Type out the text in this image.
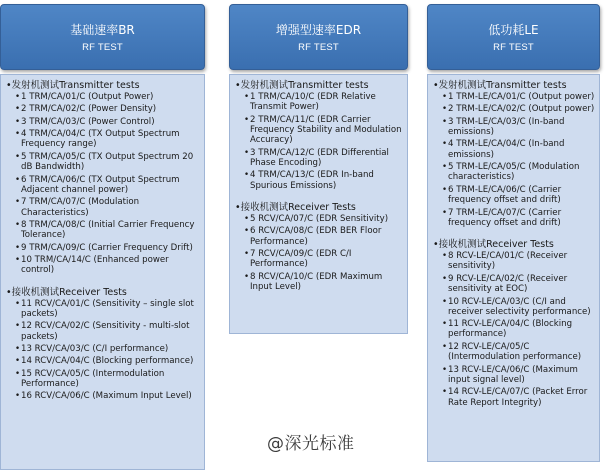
基础速率BR
RF TEST
•发射机测试Transmitter tests
• 1 TRM/CA/01/C (Output Power)
• 2 TRM/CA/02/C (Power Density)
• 3 TRM/CA/03/C (Power Control)
• 4 TRM/CA/04/C (TX Output Spectrum Frequency range)
• 5 TRM/CA/05/C (TX Output Spectrum 20 dB Bandwidth)
• 6 TRM/CA/06/C (TX Output Spectrum Adjacent channel power)
• 7 TRM/CA/07/C (Modulation Characteristics)
• 8 TRM/CA/08/C (Initial Carrier Frequency Tolerance)
• 9 TRM/CA/09/C (Carrier Frequency Drift)
• 10 TRM/CA/14/C (Enhanced power control)
•接收机测试Receiver Tests
• 11 RCV/CA/01/C (Sensitivity – single slot packets)
• 12 RCV/CA/02/C (Sensitivity - multi-slot packets)
• 13 RCV/CA/03/C (C/I performance)
• 14 RCV/CA/04/C (Blocking performance)
• 15 RCV/CA/05/C (Intermodulation Performance)
• 16 RCV/CA/06/C (Maximum Input Level)
增强型速率EDR
RF TEST
•发射机测试Transmitter tests
• 1 TRM/CA/10/C (EDR Relative Transmit Power)
• 2 TRM/CA/11/C (EDR Carrier Frequency Stability and Modulation Accuracy)
• 3 TRM/CA/12/C (EDR Differential Phase Encoding)
• 4 TRM/CA/13/C (EDR In-band Spurious Emissions)
•接收机测试Receiver Tests
• 5 RCV/CA/07/C (EDR Sensitivity)
• 6 RCV/CA/08/C (EDR BER Floor Performance)
• 7 RCV/CA/09/C (EDR C/I Performance)
• 8 RCV/CA/10/C (EDR Maximum Input Level)
低功耗LE
RF TEST
•发射机测试Transmitter tests
• 1 TRM-LE/CA/01/C (Output power)
• 2 TRM-LE/CA/02/C (Output power)
• 3 TRM-LE/CA/03/C (In-band emissions)
• 4 TRM-LE/CA/04/C (In-band emissions)
• 5 TRM-LE/CA/05/C (Modulation characteristics)
• 6 TRM-LE/CA/06/C (Carrier frequency offset and drift)
• 7 TRM-LE/CA/07/C (Carrier frequency offset and drift)
•接收机测试Receiver Tests
• 8 RCV-LE/CA/01/C (Receiver sensitivity)
• 9 RCV-LE/CA/02/C (Receiver sensitivity at EOC)
• 10 RCV-LE/CA/03/C (C/I and receiver selectivity performance)
• 11 RCV-LE/CA/04/C (Blocking performance)
• 12 RCV-LE/CA/05/C (Intermodulation performance)
• 13 RCV-LE/CA/06/C (Maximum input signal level)
• 14 RCV-LE/CA/07/C (Packet Error Rate Report Integrity)
@深光标准
